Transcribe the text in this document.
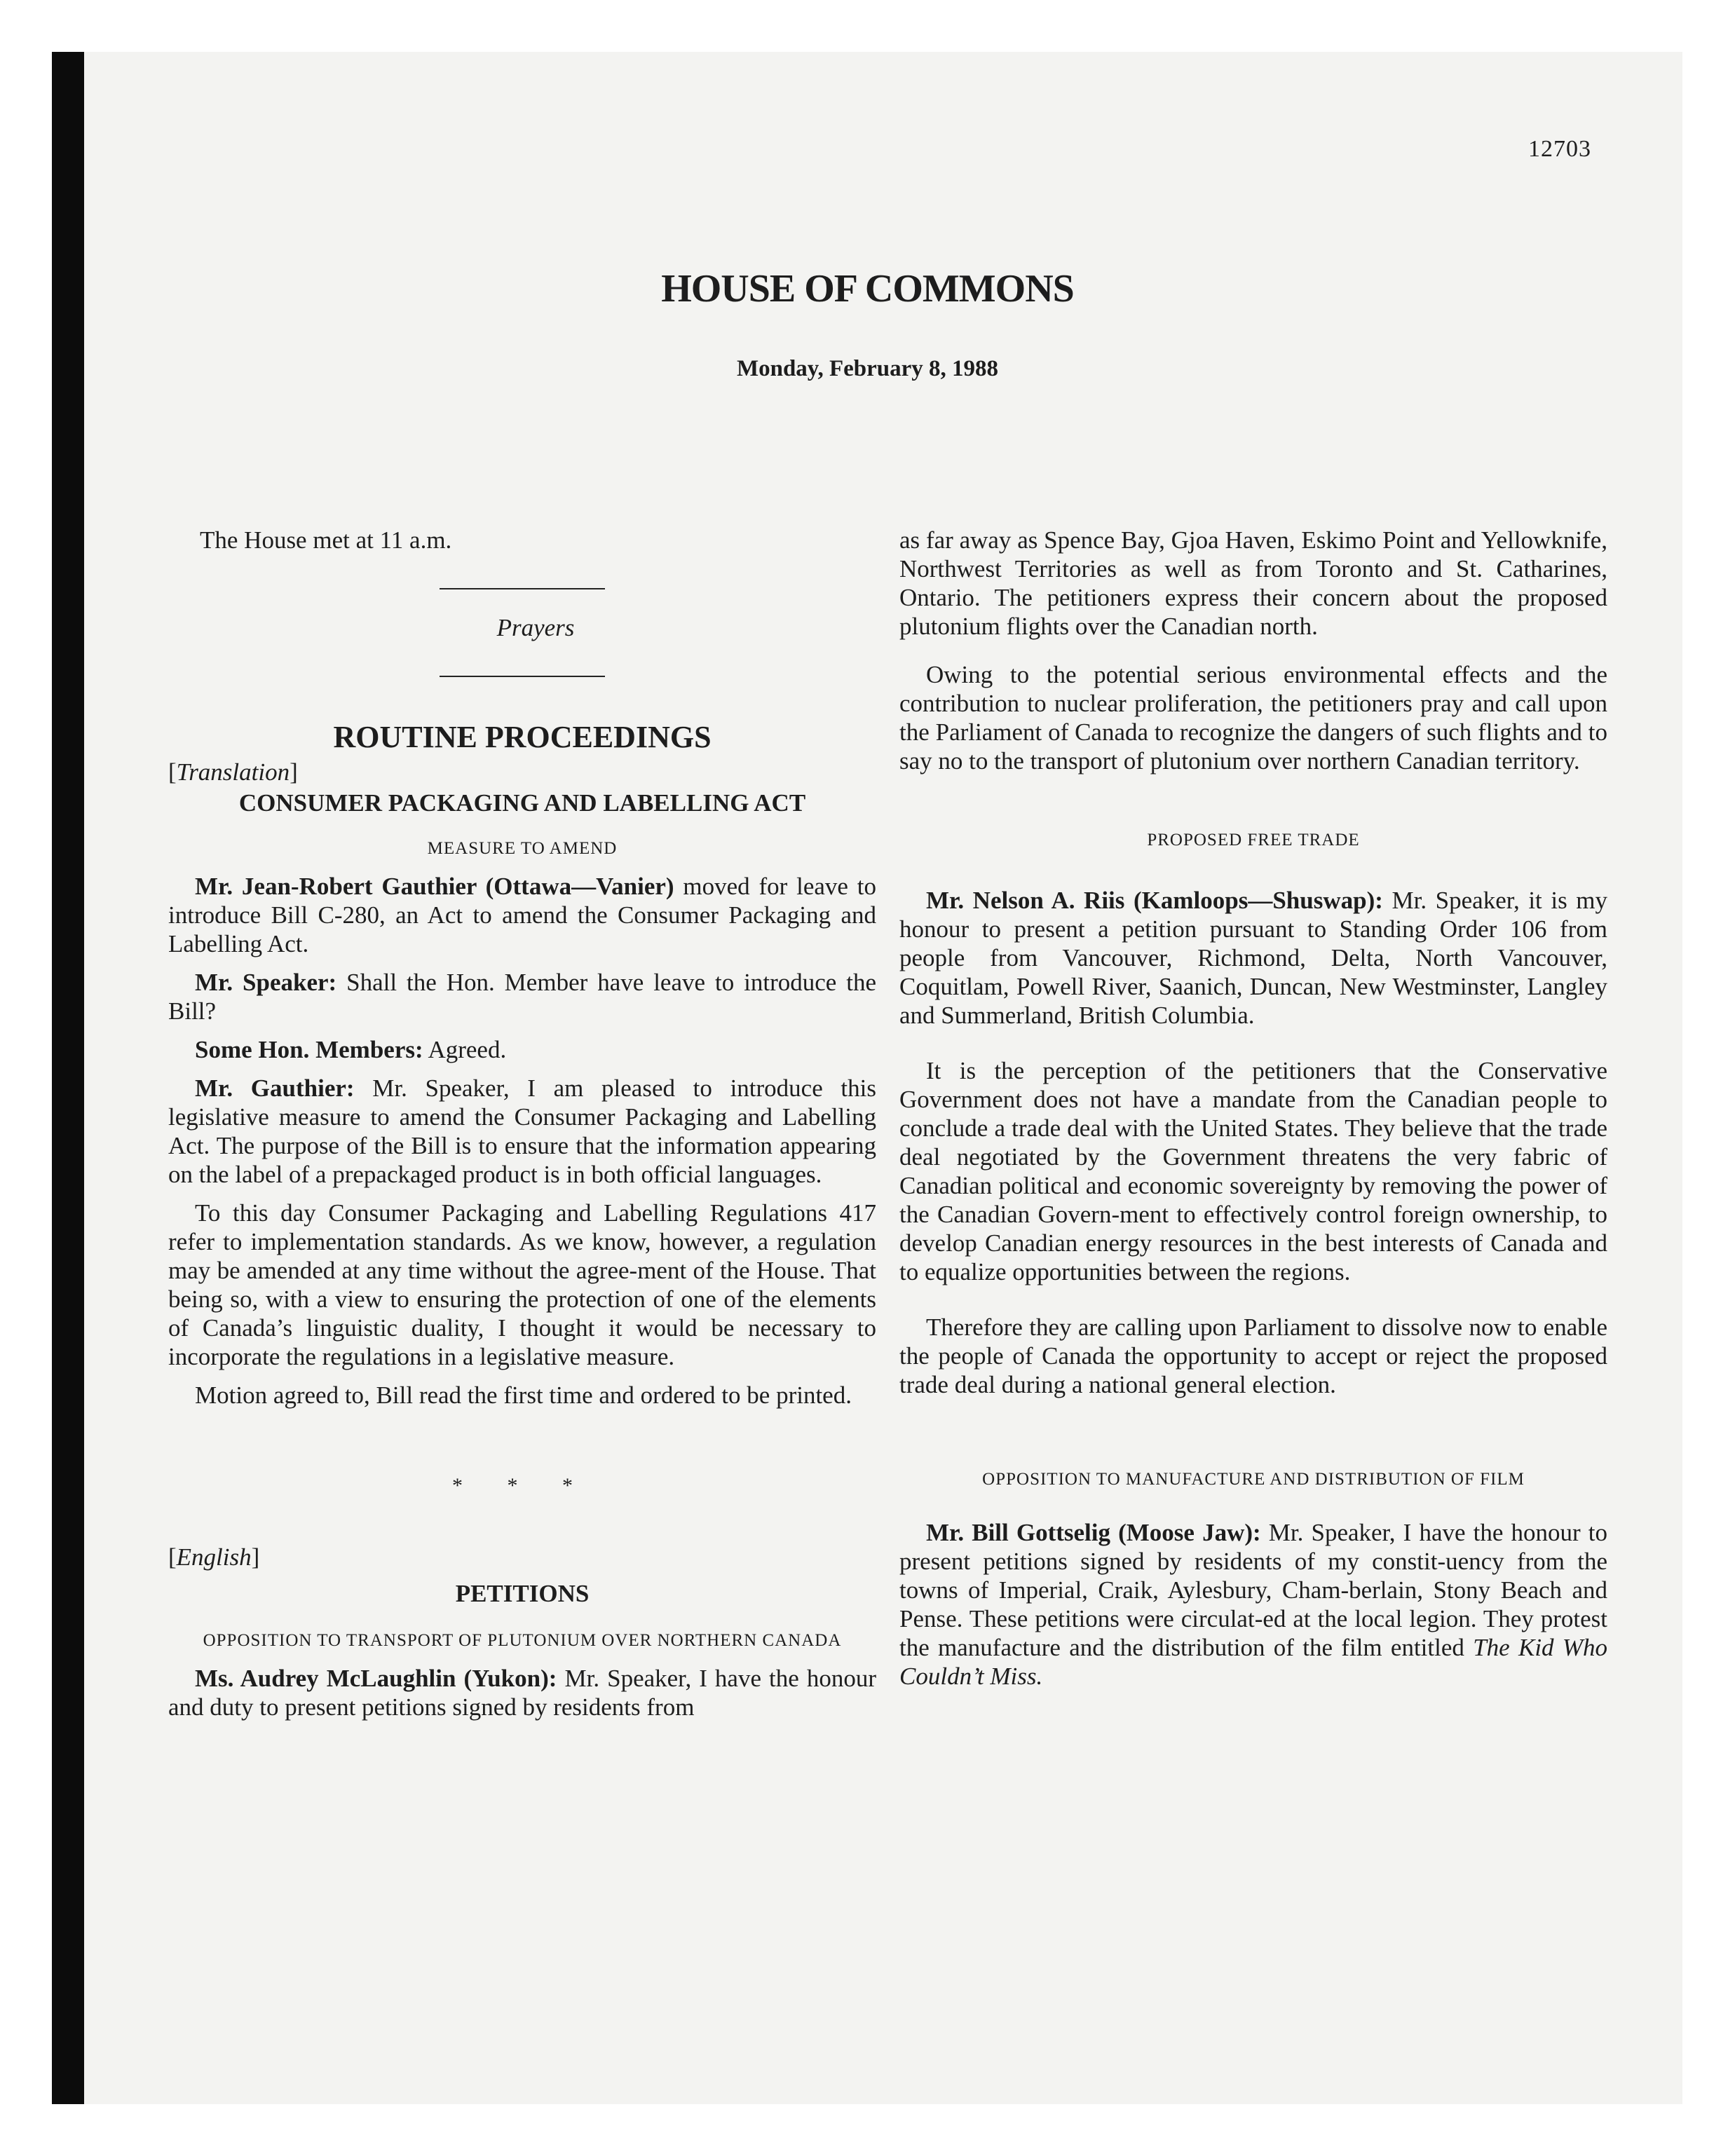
12703
HOUSE OF COMMONS
Monday, February 8, 1988

The House met at 11 a.m.

Prayers

ROUTINE PROCEEDINGS
[Translation]
CONSUMER PACKAGING AND LABELLING ACT
MEASURE TO AMEND

Mr. Jean-Robert Gauthier (Ottawa—Vanier) moved for leave to introduce Bill C-280, an Act to amend the Consumer Packaging and Labelling Act.

Mr. Speaker: Shall the Hon. Member have leave to introduce the Bill?

Some Hon. Members: Agreed.

Mr. Gauthier: Mr. Speaker, I am pleased to introduce this legislative measure to amend the Consumer Packaging and Labelling Act. The purpose of the Bill is to ensure that the information appearing on the label of a prepackaged product is in both official languages.

To this day Consumer Packaging and Labelling Regulations 417 refer to implementation standards. As we know, however, a regulation may be amended at any time without the agree-ment of the House. That being so, with a view to ensuring the protection of one of the elements of Canada’s linguistic duality, I thought it would be necessary to incorporate the regulations in a legislative measure.

Motion agreed to, Bill read the first time and ordered to be printed.

* * *
[English]
PETITIONS
OPPOSITION TO TRANSPORT OF PLUTONIUM OVER NORTHERN CANADA

Ms. Audrey McLaughlin (Yukon): Mr. Speaker, I have the honour and duty to present petitions signed by residents from

as far away as Spence Bay, Gjoa Haven, Eskimo Point and Yellowknife, Northwest Territories as well as from Toronto and St. Catharines, Ontario. The petitioners express their concern about the proposed plutonium flights over the Canadian north.

Owing to the potential serious environmental effects and the contribution to nuclear proliferation, the petitioners pray and call upon the Parliament of Canada to recognize the dangers of such flights and to say no to the transport of plutonium over northern Canadian territory.

PROPOSED FREE TRADE

Mr. Nelson A. Riis (Kamloops—Shuswap): Mr. Speaker, it is my honour to present a petition pursuant to Standing Order 106 from people from Vancouver, Richmond, Delta, North Vancouver, Coquitlam, Powell River, Saanich, Duncan, New Westminster, Langley and Summerland, British Columbia.

It is the perception of the petitioners that the Conservative Government does not have a mandate from the Canadian people to conclude a trade deal with the United States. They believe that the trade deal negotiated by the Government threatens the very fabric of Canadian political and economic sovereignty by removing the power of the Canadian Govern-ment to effectively control foreign ownership, to develop Canadian energy resources in the best interests of Canada and to equalize opportunities between the regions.

Therefore they are calling upon Parliament to dissolve now to enable the people of Canada the opportunity to accept or reject the proposed trade deal during a national general election.

OPPOSITION TO MANUFACTURE AND DISTRIBUTION OF FILM

Mr. Bill Gottselig (Moose Jaw): Mr. Speaker, I have the honour to present petitions signed by residents of my constit-uency from the towns of Imperial, Craik, Aylesbury, Cham-berlain, Stony Beach and Pense. These petitions were circulat-ed at the local legion. They protest the manufacture and the distribution of the film entitled The Kid Who Couldn’t Miss.
